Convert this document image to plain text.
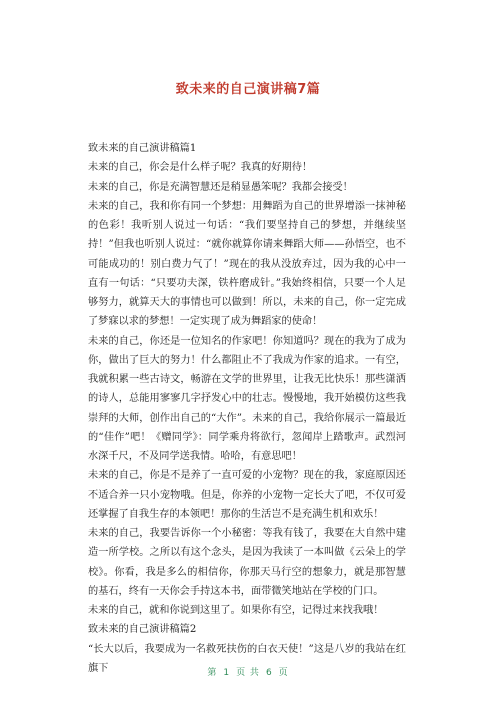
致未来的自己演讲稿7篇

致未来的自己演讲稿篇1

未来的自己，你会是什么样子呢？我真的好期待！

未来的自己，你是充满智慧还是稍显愚笨呢？我都会接受！

未来的自己，我和你有同一个梦想：用舞蹈为自己的世界增添一抹神秘的色彩！我听别人说过一句话：“我们要坚持自己的梦想，并继续坚持！”但我也听别人说过：“就你就算你请来舞蹈大师——孙悟空，也不可能成功的！别白费力气了！”现在的我从没放弃过，因为我的心中一直有一句话：“只要功夫深，铁杵磨成针。”我始终相信，只要一个人足够努力，就算天大的事情也可以做到！所以，未来的自己，你一定完成了梦寐以求的梦想！一定实现了成为舞蹈家的使命！

未来的自己，你还是一位知名的作家吧！你知道吗？现在的我为了成为你，做出了巨大的努力！什么都阻止不了我成为作家的追求。一有空，我就积累一些古诗文，畅游在文学的世界里，让我无比快乐！那些潇洒的诗人，总能用寥寥几字抒发心中的壮志。慢慢地，我开始模仿这些我崇拜的大师，创作出自己的“大作”。未来的自己，我给你展示一篇最近的“佳作”吧！《赠同学》：同学乘舟将欲行，忽闻岸上踏歌声。武烈河水深千尺，不及同学送我情。哈哈，有意思吧！

未来的自己，你是不是养了一直可爱的小宠物？现在的我，家庭原因还不适合养一只小宠物哦。但是，你养的小宠物一定长大了吧，不仅可爱还掌握了自我生存的本领吧！那你的生活岂不是充满生机和欢乐！

未来的自己，我要告诉你一个小秘密：等我有钱了，我要在大自然中建造一所学校。之所以有这个念头，是因为我读了一本叫做《云朵上的学校》。你看，我是多么的相信你，你那天马行空的想象力，就是那智慧的基石，终有一天你会手持这本书，面带微笑地站在学校的门口。

未来的自己，就和你说到这里了。如果你有空，记得过来找我哦！

致未来的自己演讲稿篇2

“长大以后，我要成为一名救死扶伤的白衣天使！”这是八岁的我站在红旗下	第 1 页 共 6 页
